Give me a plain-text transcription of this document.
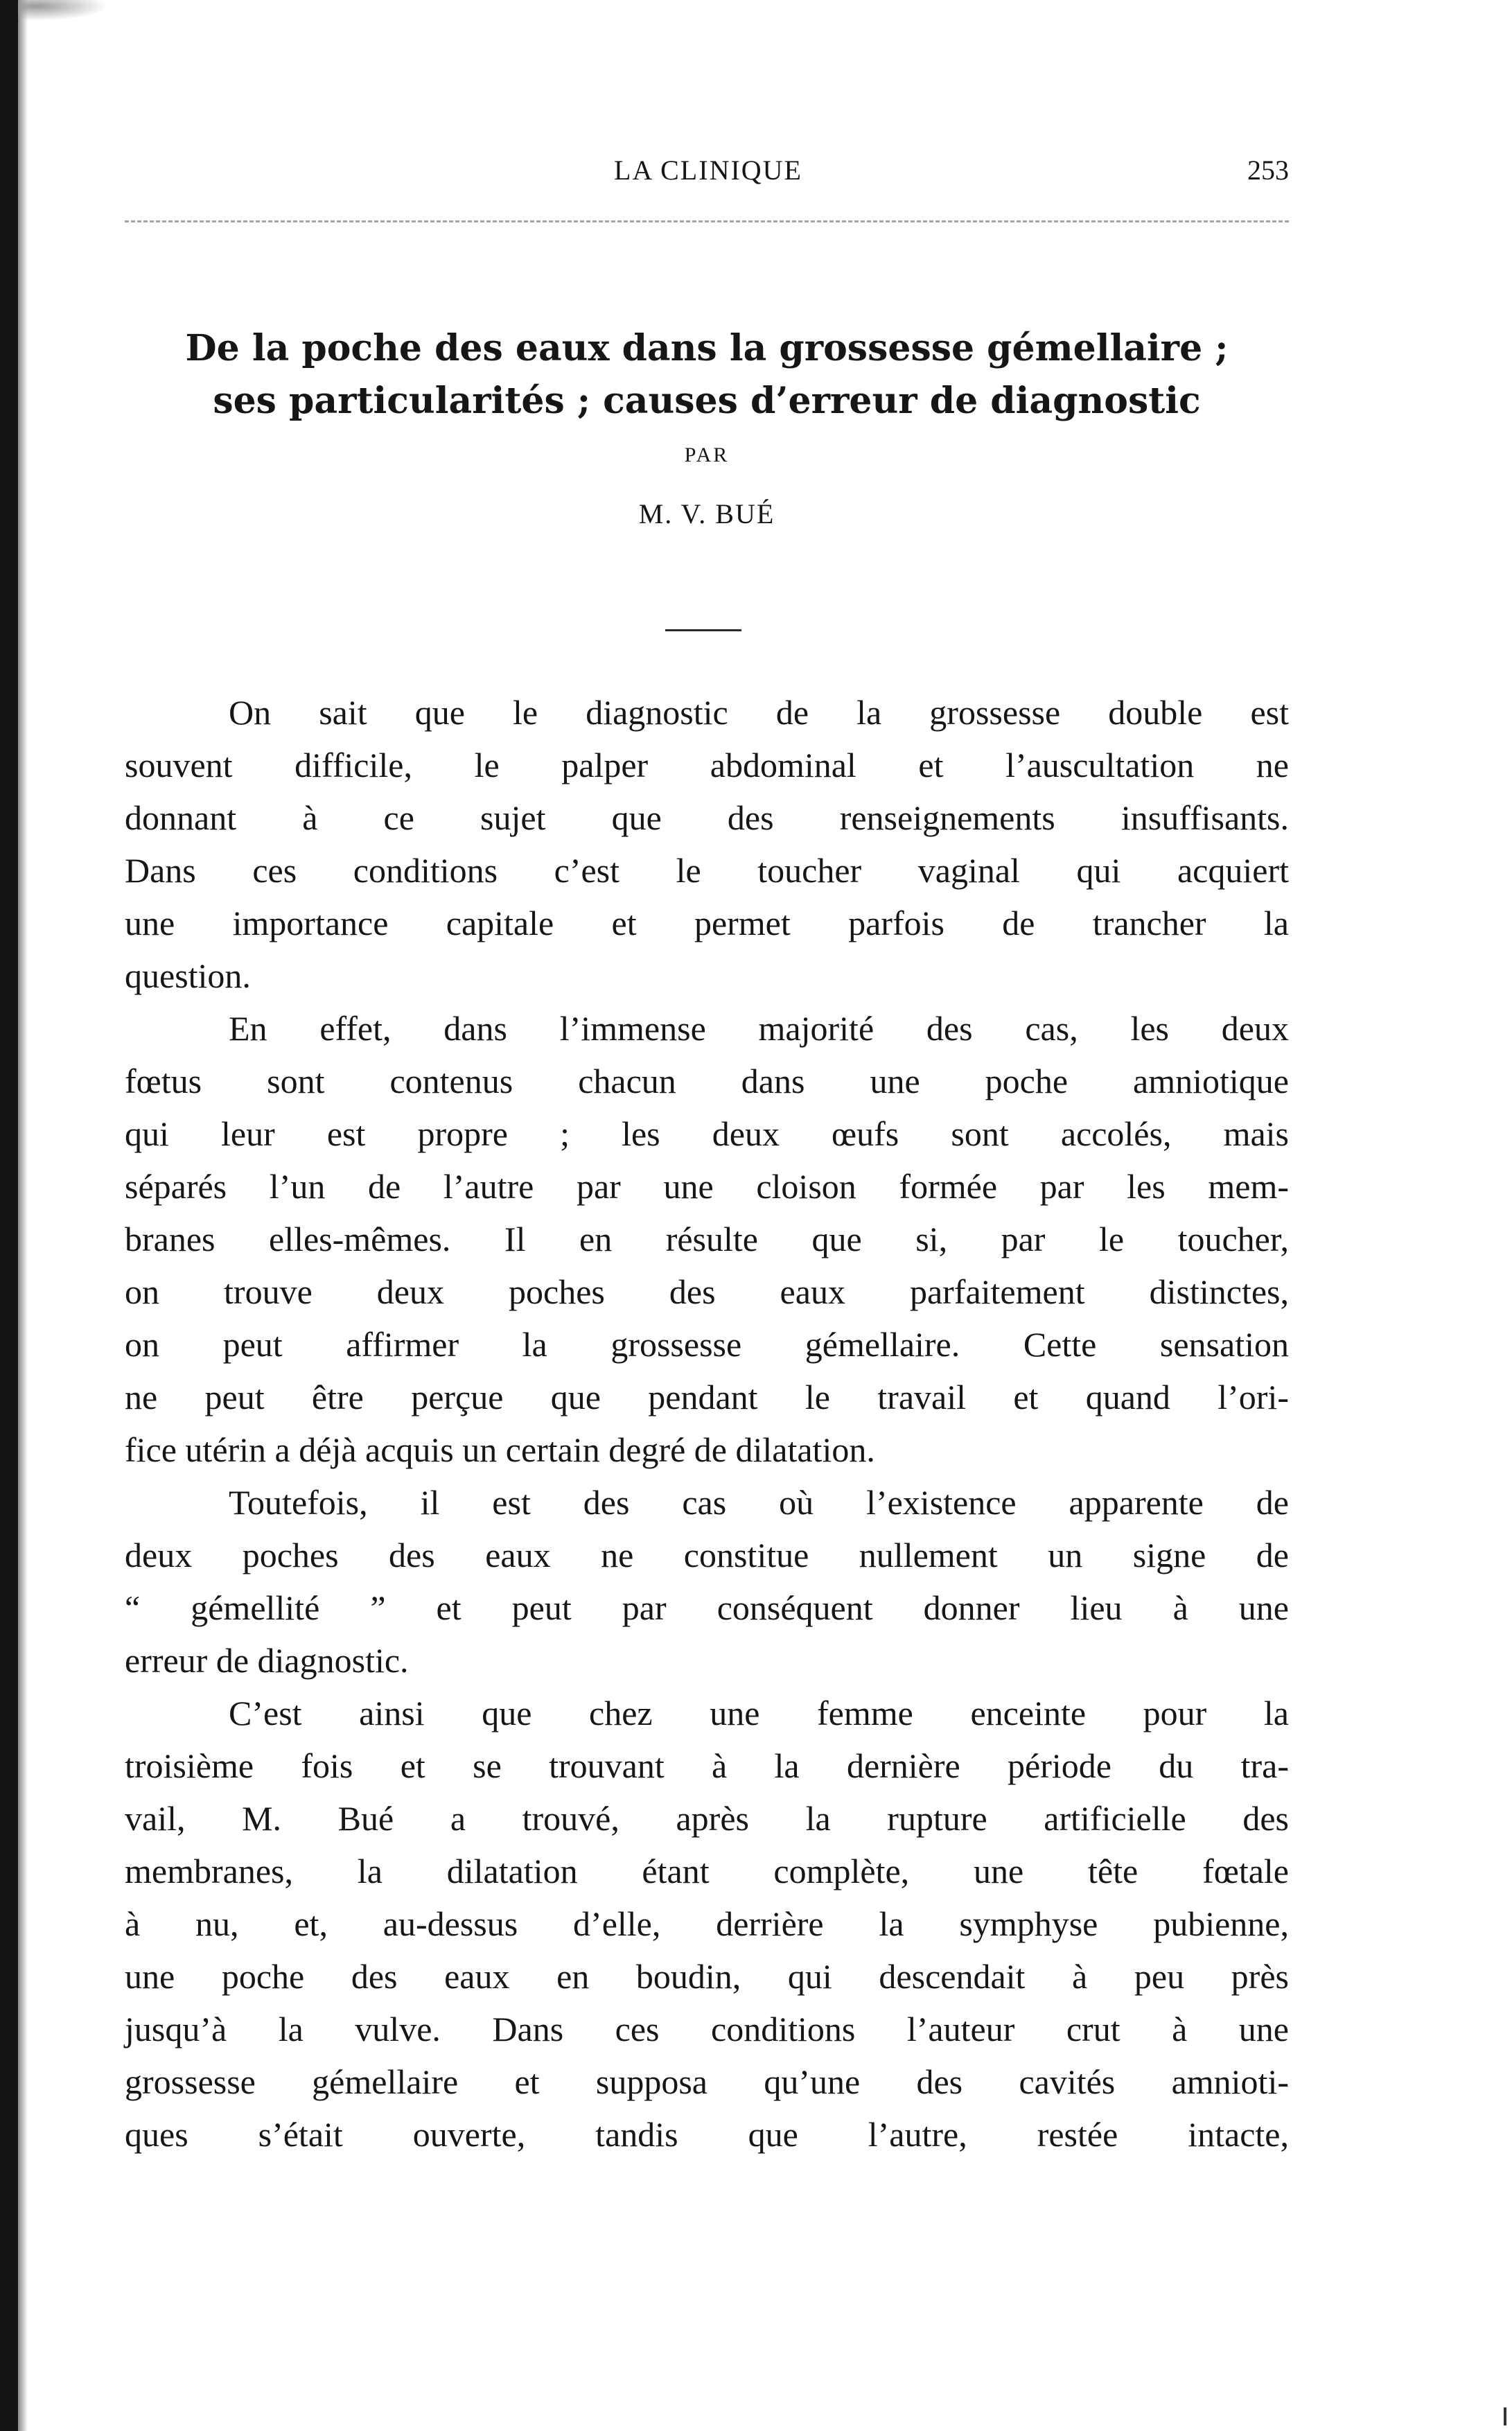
LA CLINIQUE	253
De la poche des eaux dans la grossesse gémellaire ;
ses particularités ; causes d’erreur de diagnostic
PAR
M. V. BUÉ

On sait que le diagnostic de la grossesse double est
souvent difficile, le palper abdominal et l’auscultation ne
donnant à ce sujet que des renseignements insuffisants.
Dans ces conditions c’est le toucher vaginal qui acquiert
une importance capitale et permet parfois de trancher la
question.

En effet, dans l’immense majorité des cas, les deux
fœtus sont contenus chacun dans une poche amniotique
qui leur est propre ; les deux œufs sont accolés, mais
séparés l’un de l’autre par une cloison formée par les mem-
branes elles-mêmes. Il en résulte que si, par le toucher,
on trouve deux poches des eaux parfaitement distinctes,
on peut affirmer la grossesse gémellaire. Cette sensation
ne peut être perçue que pendant le travail et quand l’ori-
fice utérin a déjà acquis un certain degré de dilatation.

Toutefois, il est des cas où l’existence apparente de
deux poches des eaux ne constitue nullement un signe de
“ gémellité ” et peut par conséquent donner lieu à une
erreur de diagnostic.

C’est ainsi que chez une femme enceinte pour la
troisième fois et se trouvant à la dernière période du tra-
vail, M. Bué a trouvé, après la rupture artificielle des
membranes, la dilatation étant complète, une tête fœtale
à nu, et, au-dessus d’elle, derrière la symphyse pubienne,
une poche des eaux en boudin, qui descendait à peu près
jusqu’à la vulve. Dans ces conditions l’auteur crut à une
grossesse gémellaire et supposa qu’une des cavités amnioti-
ques s’était ouverte, tandis que l’autre, restée intacte,
